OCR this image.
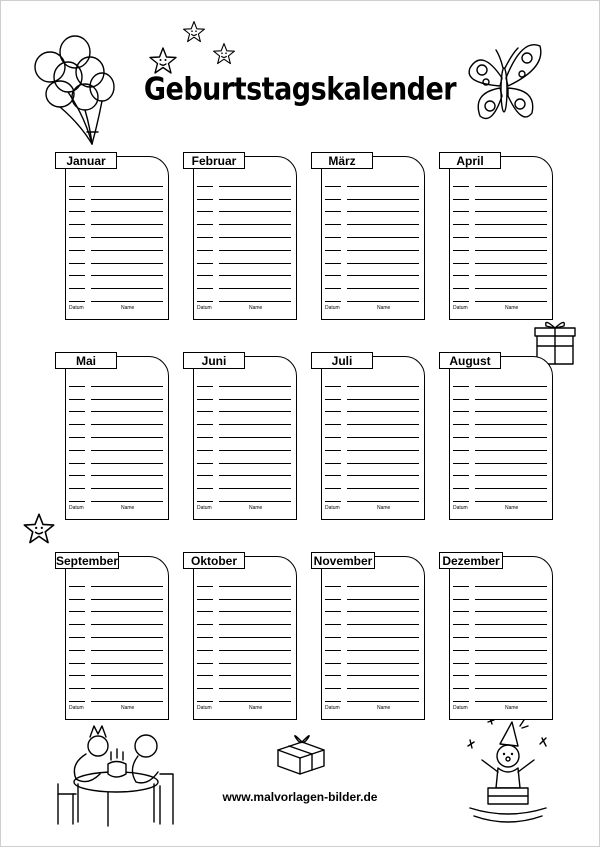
Geburtstagskalender
Januar
Datum	Name
Februar
Datum	Name
März
Datum	Name
April
Datum	Name
Mai
Datum	Name
Juni
Datum	Name
Juli
Datum	Name
August
Datum	Name
September
Datum	Name
Oktober
Datum	Name
November
Datum	Name
Dezember
Datum	Name
www.malvorlagen-bilder.de
